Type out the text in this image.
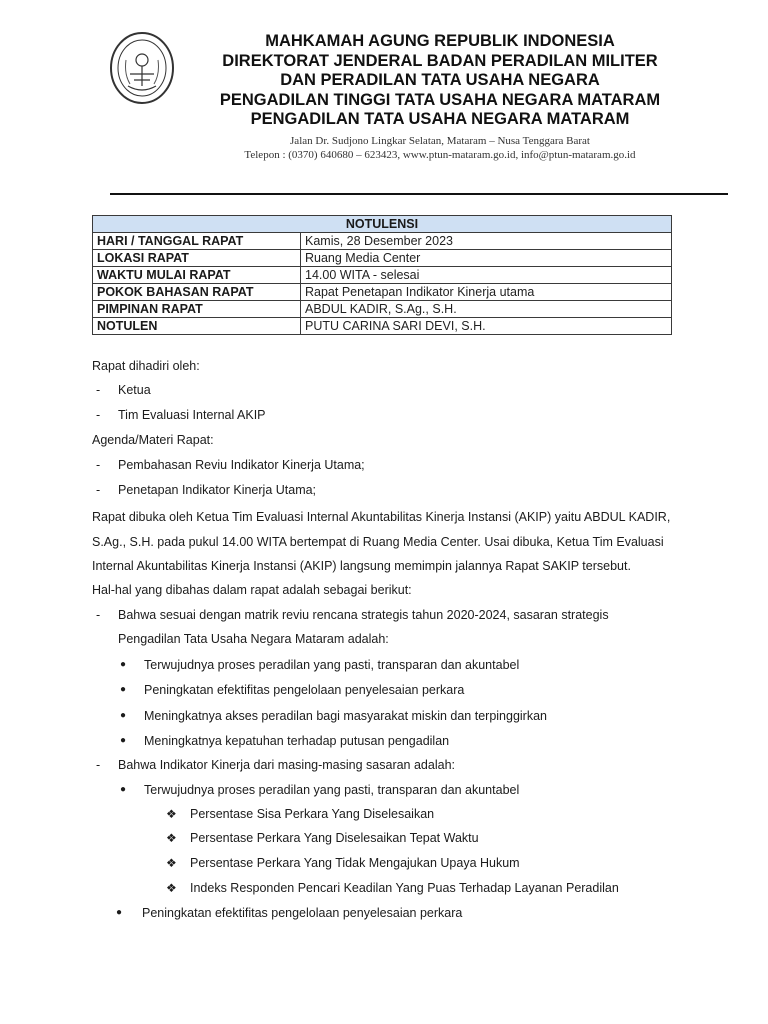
MAHKAMAH AGUNG REPUBLIK INDONESIA
DIREKTORAT JENDERAL BADAN PERADILAN MILITER
DAN PERADILAN TATA USAHA NEGARA
PENGADILAN TINGGI TATA USAHA NEGARA MATARAM
PENGADILAN TATA USAHA NEGARA MATARAM
Jalan Dr. Sudjono Lingkar Selatan, Mataram – Nusa Tenggara Barat
Telepon : (0370) 640680 – 623423, www.ptun-mataram.go.id, info@ptun-mataram.go.id
NOTULENSI	
HARI / TANGGAL RAPAT	Kamis, 28 Desember 2023
LOKASI RAPAT	Ruang Media Center
WAKTU MULAI RAPAT	14.00 WITA - selesai
POKOK BAHASAN RAPAT	Rapat Penetapan Indikator Kinerja utama
PIMPINAN RAPAT	ABDUL KADIR, S.Ag., S.H.
NOTULEN	PUTU CARINA SARI DEVI, S.H.
Rapat dihadiri oleh:
- Ketua
- Tim Evaluasi Internal AKIP
Agenda/Materi Rapat:
- Pembahasan Reviu Indikator Kinerja Utama;
- Penetapan Indikator Kinerja Utama;
Rapat dibuka oleh Ketua Tim Evaluasi Internal Akuntabilitas Kinerja Instansi (AKIP) yaitu ABDUL KADIR,
S.Ag., S.H. pada pukul 14.00 WITA bertempat di Ruang Media Center. Usai dibuka, Ketua Tim Evaluasi
Internal Akuntabilitas Kinerja Instansi (AKIP) langsung memimpin jalannya Rapat SAKIP tersebut.
Hal-hal yang dibahas dalam rapat adalah sebagai berikut:
- Bahwa sesuai dengan matrik reviu rencana strategis tahun 2020-2024, sasaran strategis
Pengadilan Tata Usaha Negara Mataram adalah:
● Terwujudnya proses peradilan yang pasti, transparan dan akuntabel
● Peningkatan efektifitas pengelolaan penyelesaian perkara
● Meningkatnya akses peradilan bagi masyarakat miskin dan terpinggirkan
● Meningkatnya kepatuhan terhadap putusan pengadilan
- Bahwa Indikator Kinerja dari masing-masing sasaran adalah:
● Terwujudnya proses peradilan yang pasti, transparan dan akuntabel
❖ Persentase Sisa Perkara Yang Diselesaikan
❖ Persentase Perkara Yang Diselesaikan Tepat Waktu
❖ Persentase Perkara Yang Tidak Mengajukan Upaya Hukum
❖ Indeks Responden Pencari Keadilan Yang Puas Terhadap Layanan Peradilan
● Peningkatan efektifitas pengelolaan penyelesaian perkara
